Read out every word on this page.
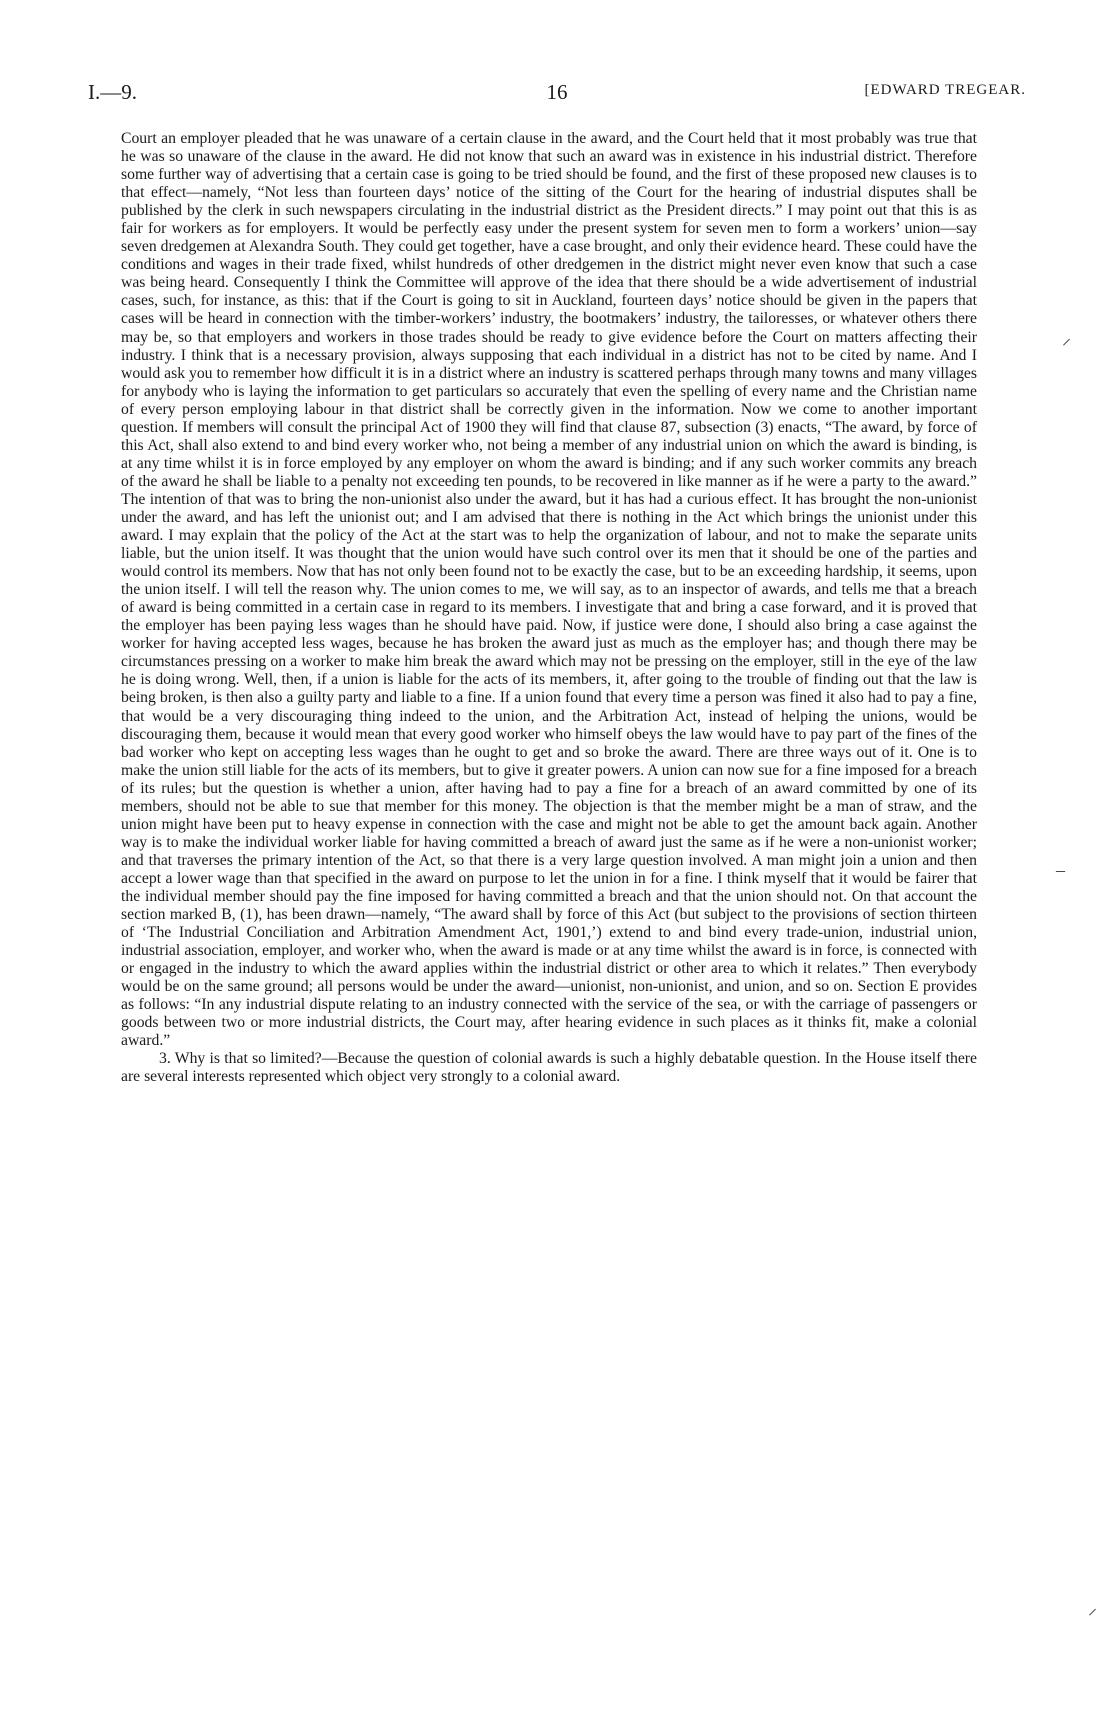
I.—9.	16	[EDWARD TREGEAR.

Court an employer pleaded that he was unaware of a certain clause in the award, and the Court held that it most probably was true that he was so unaware of the clause in the award. He did not know that such an award was in existence in his industrial district. Therefore some further way of advertising that a certain case is going to be tried should be found, and the first of these proposed new clauses is to that effect—namely, “Not less than fourteen days’ notice of the sitting of the Court for the hearing of industrial disputes shall be published by the clerk in such newspapers circulating in the industrial district as the President directs.” I may point out that this is as fair for workers as for employers. It would be perfectly easy under the present system for seven men to form a workers’ union—say seven dredgemen at Alexandra South. They could get together, have a case brought, and only their evidence heard. These could have the conditions and wages in their trade fixed, whilst hundreds of other dredgemen in the district might never even know that such a case was being heard. Consequently I think the Committee will approve of the idea that there should be a wide advertisement of industrial cases, such, for instance, as this: that if the Court is going to sit in Auckland, fourteen days’ notice should be given in the papers that cases will be heard in connection with the timber-workers’ industry, the bootmakers’ industry, the tailoresses, or whatever others there may be, so that employers and workers in those trades should be ready to give evidence before the Court on matters affecting their industry. I think that is a necessary provision, always supposing that each individual in a district has not to be cited by name. And I would ask you to remember how difficult it is in a district where an industry is scattered perhaps through many towns and many villages for anybody who is laying the information to get particulars so accurately that even the spelling of every name and the Christian name of every person employing labour in that district shall be correctly given in the information. Now we come to another important question. If members will consult the principal Act of 1900 they will find that clause 87, subsection (3) enacts, “The award, by force of this Act, shall also extend to and bind every worker who, not being a member of any industrial union on which the award is binding, is at any time whilst it is in force employed by any employer on whom the award is binding; and if any such worker commits any breach of the award he shall be liable to a penalty not exceeding ten pounds, to be recovered in like manner as if he were a party to the award.” The intention of that was to bring the non-unionist also under the award, but it has had a curious effect. It has brought the non-unionist under the award, and has left the unionist out; and I am advised that there is nothing in the Act which brings the unionist under this award. I may explain that the policy of the Act at the start was to help the organization of labour, and not to make the separate units liable, but the union itself. It was thought that the union would have such control over its men that it should be one of the parties and would control its members. Now that has not only been found not to be exactly the case, but to be an exceeding hardship, it seems, upon the union itself. I will tell the reason why. The union comes to me, we will say, as to an inspector of awards, and tells me that a breach of award is being committed in a certain case in regard to its members. I investigate that and bring a case forward, and it is proved that the employer has been paying less wages than he should have paid. Now, if justice were done, I should also bring a case against the worker for having accepted less wages, because he has broken the award just as much as the employer has; and though there may be circumstances pressing on a worker to make him break the award which may not be pressing on the employer, still in the eye of the law he is doing wrong. Well, then, if a union is liable for the acts of its members, it, after going to the trouble of finding out that the law is being broken, is then also a guilty party and liable to a fine. If a union found that every time a person was fined it also had to pay a fine, that would be a very discouraging thing indeed to the union, and the Arbitration Act, instead of helping the unions, would be discouraging them, because it would mean that every good worker who himself obeys the law would have to pay part of the fines of the bad worker who kept on accepting less wages than he ought to get and so broke the award. There are three ways out of it. One is to make the union still liable for the acts of its members, but to give it greater powers. A union can now sue for a fine imposed for a breach of its rules; but the question is whether a union, after having had to pay a fine for a breach of an award committed by one of its members, should not be able to sue that member for this money. The objection is that the member might be a man of straw, and the union might have been put to heavy expense in connection with the case and might not be able to get the amount back again. Another way is to make the individual worker liable for having committed a breach of award just the same as if he were a non-unionist worker; and that traverses the primary intention of the Act, so that there is a very large question involved. A man might join a union and then accept a lower wage than that specified in the award on purpose to let the union in for a fine. I think myself that it would be fairer that the individual member should pay the fine imposed for having committed a breach and that the union should not. On that account the section marked B, (1), has been drawn—namely, “The award shall by force of this Act (but subject to the provisions of section thirteen of ‘The Industrial Conciliation and Arbitration Amendment Act, 1901,’) extend to and bind every trade-union, industrial union, industrial association, employer, and worker who, when the award is made or at any time whilst the award is in force, is connected with or engaged in the industry to which the award applies within the industrial district or other area to which it relates.” Then everybody would be on the same ground; all persons would be under the award—unionist, non-unionist, and union, and so on. Section E provides as follows: “In any industrial dispute relating to an industry connected with the service of the sea, or with the carriage of passengers or goods between two or more industrial districts, the Court may, after hearing evidence in such places as it thinks fit, make a colonial award.”

3. Why is that so limited?—Because the question of colonial awards is such a highly debatable question. In the House itself there are several interests represented which object very strongly to a colonial award.

⸝
–
⸝
